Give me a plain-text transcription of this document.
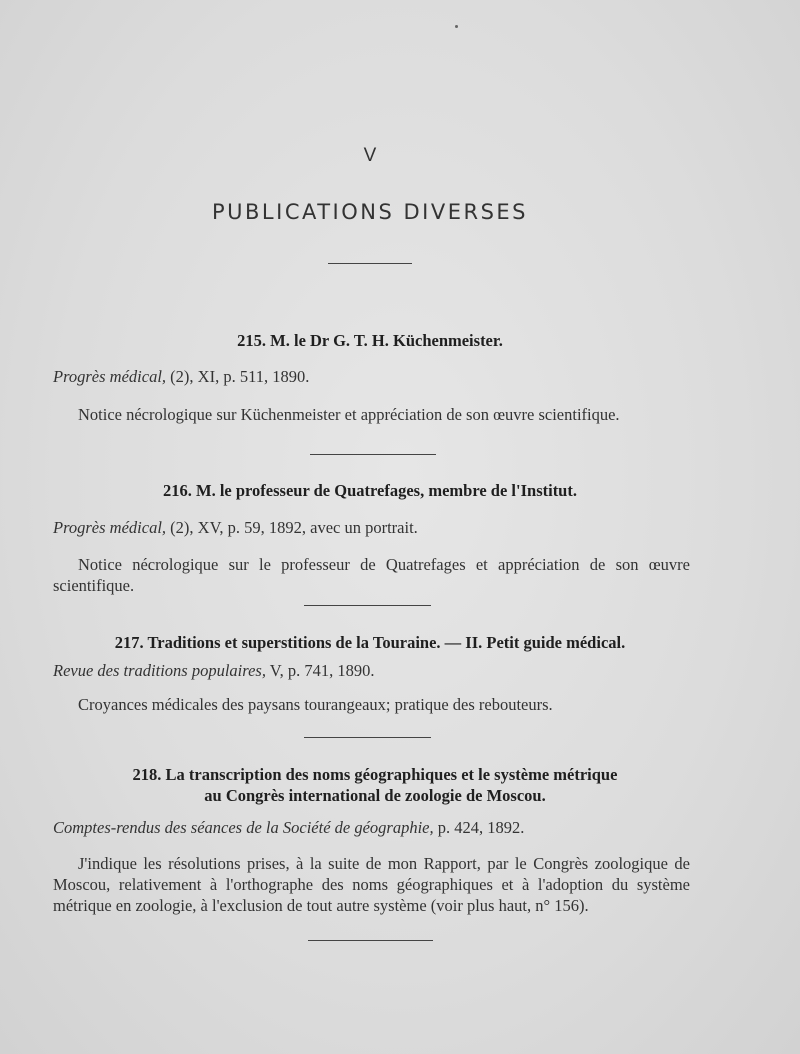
V
PUBLICATIONS DIVERSES
215. M. le Dr G. T. H. Küchenmeister.
Progrès médical, (2), XI, p. 511, 1890.
Notice nécrologique sur Küchenmeister et appréciation de son œuvre scientifique.
216. M. le professeur de Quatrefages, membre de l'Institut.
Progrès médical, (2), XV, p. 59, 1892, avec un portrait.
Notice nécrologique sur le professeur de Quatrefages et appréciation de son œuvre scientifique.
217. Traditions et superstitions de la Touraine. — II. Petit guide médical.
Revue des traditions populaires, V, p. 741, 1890.
Croyances médicales des paysans tourangeaux; pratique des rebouteurs.
218. La transcription des noms géographiques et le système métrique
au Congrès international de zoologie de Moscou.
Comptes-rendus des séances de la Société de géographie, p. 424, 1892.
J'indique les résolutions prises, à la suite de mon Rapport, par le Congrès zoologique de Moscou, relativement à l'orthographe des noms géographiques et à l'adoption du système métrique en zoologie, à l'exclusion de tout autre système (voir plus haut, n° 156).
